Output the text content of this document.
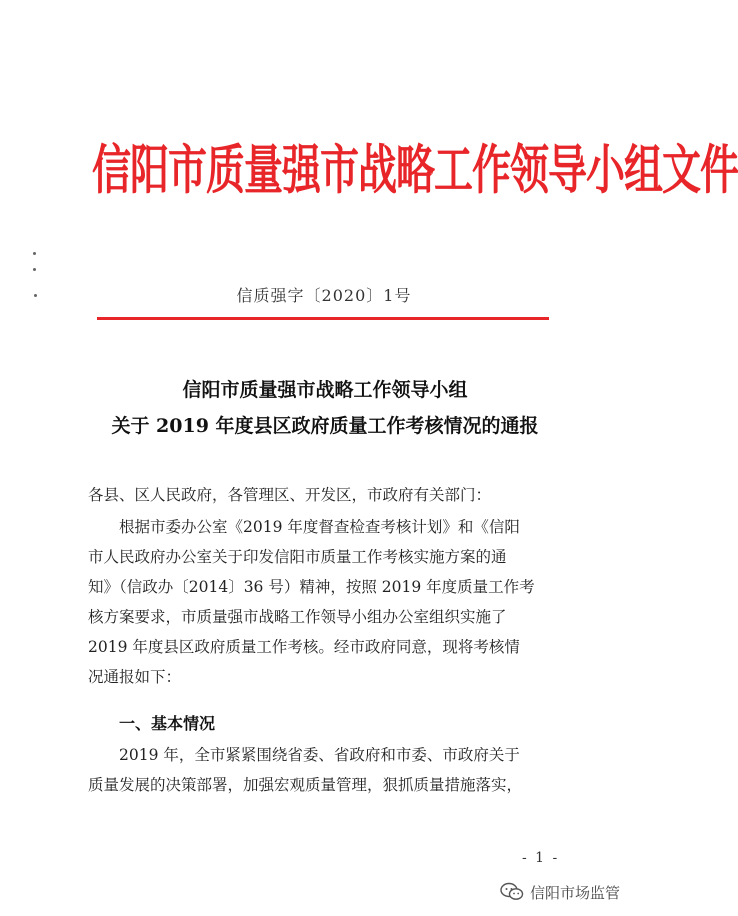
信阳市质量强市战略工作领导小组文件
信质强字〔2020〕1号
信阳市质量强市战略工作领导小组
关于 2019 年度县区政府质量工作考核情况的通报
各县、区人民政府，各管理区、开发区，市政府有关部门：
根据市委办公室《2019 年度督查检查考核计划》和《信阳
市人民政府办公室关于印发信阳市质量工作考核实施方案的通
知》（信政办〔2014〕36 号）精神，按照 2019 年度质量工作考
核方案要求，市质量强市战略工作领导小组办公室组织实施了
2019 年度县区政府质量工作考核。经市政府同意，现将考核情
况通报如下：
一、基本情况
2019 年，全市紧紧围绕省委、省政府和市委、市政府关于
质量发展的决策部署，加强宏观质量管理，狠抓质量措施落实，
- 1 -
信阳市场监管
